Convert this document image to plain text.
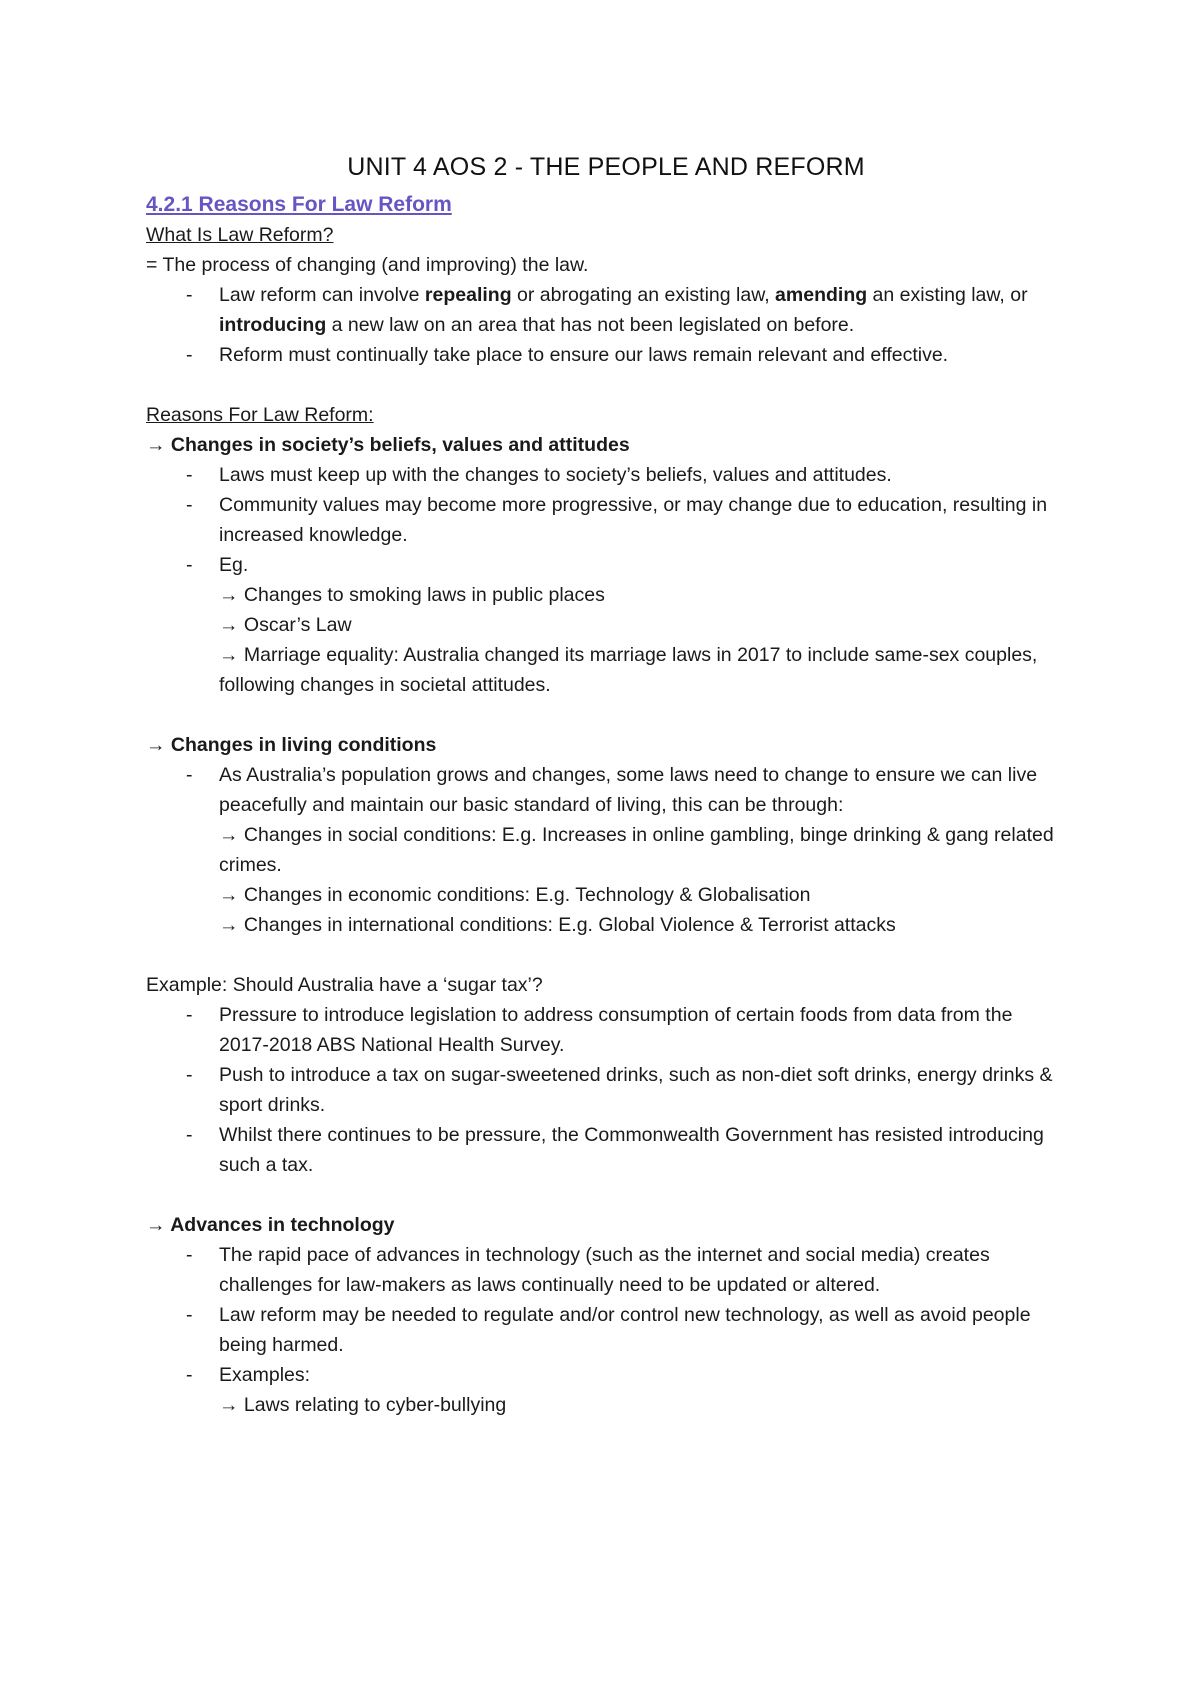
UNIT 4 AOS 2 - THE PEOPLE AND REFORM

4.2.1 Reasons For Law Reform

What Is Law Reform?

= The process of changing (and improving) the law.

- Law reform can involve repealing or abrogating an existing law, amending an existing law, or introducing a new law on an area that has not been legislated on before.
- Reform must continually take place to ensure our laws remain relevant and effective.

Reasons For Law Reform:

→ Changes in society’s beliefs, values and attitudes

- Laws must keep up with the changes to society’s beliefs, values and attitudes.
- Community values may become more progressive, or may change due to education, resulting in increased knowledge.
- Eg.
→ Changes to smoking laws in public places
→ Oscar’s Law
→ Marriage equality: Australia changed its marriage laws in 2017 to include same-sex couples, following changes in societal attitudes.

→ Changes in living conditions

- As Australia’s population grows and changes, some laws need to change to ensure we can live peacefully and maintain our basic standard of living, this can be through:
→ Changes in social conditions: E.g. Increases in online gambling, binge drinking & gang related crimes.
→ Changes in economic conditions: E.g. Technology & Globalisation
→ Changes in international conditions: E.g. Global Violence & Terrorist attacks

Example: Should Australia have a ‘sugar tax’?

- Pressure to introduce legislation to address consumption of certain foods from data from the 2017-2018 ABS National Health Survey.
- Push to introduce a tax on sugar-sweetened drinks, such as non-diet soft drinks, energy drinks & sport drinks.
- Whilst there continues to be pressure, the Commonwealth Government has resisted introducing such a tax.

→ Advances in technology

- The rapid pace of advances in technology (such as the internet and social media) creates challenges for law-makers as laws continually need to be updated or altered.
- Law reform may be needed to regulate and/or control new technology, as well as avoid people being harmed.
- Examples:
→ Laws relating to cyber-bullying
